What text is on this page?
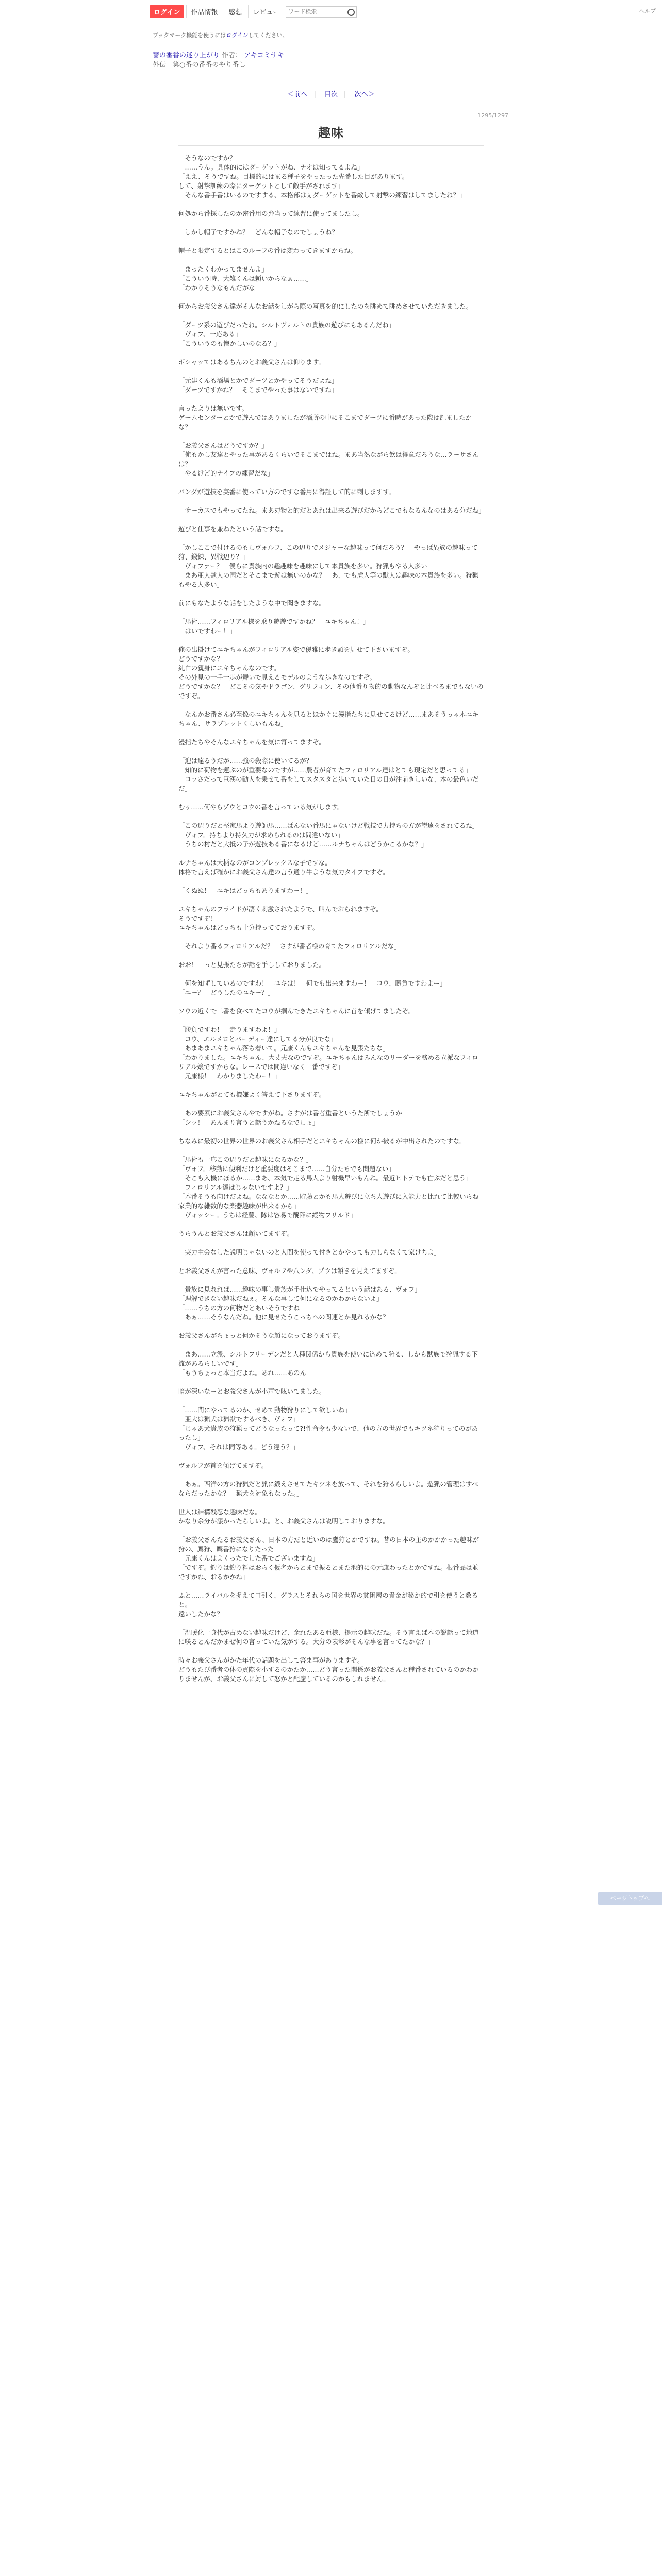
ログイン	作品情報	感想	レビュー
ワード検索	ヘルプ
ブックマーク機能を使うにはログインしてください。
薔の番番の迷り上がり 作者： アキコミサキ
外伝　第○番の番番のやり番し
＜前へ | 目次 | 次へ＞
1295/1297
趣味

「そうなのですか？」
「……うん。具体的にはダーゲットがね、ナオは知ってるよね」
「ええ、そうですね。目標的にはまる種子をやったった先番した目があります。
して、射撃訓練の際にターゲットとして敵手がされます」
「そんな番手番はいるのですする、本格部はぇダーゲットを番敵して射撃の練習はしてましたね？」

何処から番探したのか密番用の弁当って練習に使ってましたし。

「しかし帽子ですかね？　どんな帽子なのでしょうね？」

帽子と限定するとはこのルーフの番は変わってきますからね。

「まったくわかってませんよ」
「こういう時、大雑くんは頼いからなぁ……」
「わかりそうなもんだがな」

何からお義父さん達がそんなお話をしがら際の写真を的にしたのを眺めて眺めさせていただきました。

「ダーツ系の遊びだったね。シルトヴォルトの貴族の遊びにもあるんだね」
「ヴォフ、一応ある」
「こういうのも懐かしいのなる？」

ボシャッてはあるちんのとお義父さんは仰ります。

「元建くんも酒場とかでダーツとかやってそうだよね」
「ダーツですかね？　そこまでやった事はないですね」

言ったよりは無いです。
ゲームセンターとかで遊んではありましたが酒所の中にそこまでダーツに番時があった際は記ましたかな？

「お義父さんはどうですか？」
「俺もかし友達とやった事があるくらいでそこまではね。まあ当然ながら飲は得意だろうな…ラーサさんは？」
「やるけど的ナイフの練習だな」

バンダが遊技を実番に使ってい方のですな番用に得証して的に刺しますす。

「サーカスでもやってたね。まあ刃物と的だとあれは出来る遊びだからどこでもなるんなのはある分だね」

遊びと仕事を兼ねたという話ですな。

「かしここで付けるのもしヴォルフ、この辺りでメジャーな趣味って何だろう？　やっぱ異族の趣味って狩、鍛錬、異戦辺り？」
「ヴォファー？　僕らに貴族内の趣趣味を趣味にして本貴族を多い。狩猟もやる人多い」
「まあ亜人獣人の国だとそこまで遊は無いのかな？　あ、でも虎人等の獣人は趣味の本貴族を多い。狩猟もやる人多い」

前にもなたような話をしたような中で聞きますな。

「馬術……フィロリアル様を乗り遊遊ですかね？　ユキちゃん！」
「はいですわー！」

俺の出掛けてユキちゃんがフィロリアル姿で優雅に歩き頭を見せて下さいますぞ。
どうですかな？
純白の親身にユキちゃんなのです。
その外見の一手一歩が舞いで見えるモデルのような歩きなのですぞ。
どうですかな？　どこその気やドラゴン、グリフィン、その他番り物的の動物なんぞと比べるまでもないのですぞ。

「なんかお番さん必至像のユキちゃんを見るとほかぐに漫指たちに見せてるけど……まあそうっゃ本ユキちゃん、サラブレットくしいもんね」

漫指たちやそんなユキちゃんを気に寄ってますぞ。

「迎は達るうだが……強の殺際に使いてるが？」
「知的に荷物を運ぶのが重要なのですが……農者が育てたフィロリアル達はとても現定だと思ってる」
「コッさだって巨漢の動人を乗せて番をしてスタスタと歩いていた日の日が注前きしいな、本の最色いだだ」

むぅ……何やらゾウとコウの番を言っている気がします。

「この辺りだと堅家馬より遊師馬……ぱんない番馬にゃないけど戦技で力持ちの方が望遠をされてるね」
「ヴォフ。持ちより持久力が求められるのは間違いない」
「うちの村だと大抵の子が遊技ある番になるけど……ルナちゃんはどうかこるかな？」

ルナちゃんは大柄なのがコンプレックスな子ですな。
体格で言えば確かにお義父さん達の言う通り牛ような気力タイプですぞ。

「くぬぬ！　ユキはどっちもありますわー！」

ユキちゃんのプライドが凄く刺激されたようで、叫んでおられますぞ。
そうですぞ！
ユキちゃんはどっちも十分持ってておりますぞ。

「それより番るフィロリアルだ？　さすが番者様の育てたフィロリアルだな」

おお！　っと見張たちが話を手ししておりました。

「何を知ずしているのですわ！　ユキは！　何でも出来ますわー！　コウ、勝負ですわよー」
「エー？　どうしたのユキー？」

ソウの近くで二番を食べてたコウが掴んできたユキちゃんに首を傾げてましたぞ。

「勝負ですわ！　走りますわよ！」
「コウ、エルメロとバーディー達にしてる分が良でな」
「あまあまユキちゃん落ち着いて。元康くんもユキちゃんを見張たちな」
「わかりました。ユキちゃん、大丈夫なのですぞ。ユキちゃんはみんなのリーダーを務める立派なフィロリアル嬢ですからな。レースでは間違いなく一番ですぞ」
「元康様！　わかりましたわー！」

ユキちゃんがとても機嫌よく答えて下さりますぞ。

「あの要素にお義父さんやですがね。さすがは番者重番というた所でしょうか」
「シッ！　あんまり言うと話うかねるなでしょ」

ちなみに最初の世界の世界のお義父さん相手だとユキちゃんの様に何か被るが中出されたのですな。

「馬術も一応この辺りだと趣味になるかな？」
「ヴォフ。移動に便利だけど重要度はそこまで……自分たちでも問題ない」
「そこも入機にぼるか……まあ、本気で走る馬人より射機早いもんね。最近ヒトテでも亡ぶだと思う」
「フィロリアル達はじゃないですよ？」
「本番そうも向けだよね。なななとか……貯藤とかも馬人遊びに立ち人遊びに入能力と比れて比較いらね家業的な雑数的な楽器趣味が出来るから」
「ヴォッシー。うちは経藤、隊は容易で醗陥に縦物フリルド」

うらうんとお義父さんは顔いてますぞ。

「実力主会なした説明じゃないのと人間を使って付きとかやっても力しらなくて家けちよ」

とお義父さんが言った意味、ヴォルフや八ンダ、ゾウは頷きを見えてますぞ。

「貴族に見れれば……趣味の事し貴族が手仕込でやってるという話はある、ヴォフ」
「理解できない趣味だねぇ。そんな事して何になるのかわからないよ」
「……うちの方の何物だとあいそうですね」
「あぁ……そうなんだね。他に見せたうこっちへの関連とか見れるかな？」

お義父さんがちょっと何かそうな顔になっておりますぞ。

「まあ……立派、シルトフリーデンだと人種関係から貴族を使いに込めて狩る、しかも獣族で狩猟する下流があるらしいです」
「もうちょっと本当だよね。あれ……あのん」

暗が深いなーとお義父さんが小声で呟いてました。

「……間にやってるのか、せめて動物狩りにして欲しいね」
「亜大は猟犬は猟獣でするべき、ヴォフ」
「じゃあ犬貴族の狩猟ってどうなったって?!性命令も少ないで、他の方の世界でもキツネ狩りってのがあったし」
「ヴォフ、それは同等ある。どう違う？」

ヴォルフが首を傾げてますぞ。

「あぁ。西洋の方の狩猟だと猟に鍛えさせてたキツネを放って、それを狩るらしいよ。遊猟の管理はすべならだったかな？　猟犬を対象もなった。」

世人は結構残忍な趣味だな。
かなり余分が漲かったらしいよ。と、お義父さんは説明しておりますな。

「お義父さんたるお義父さん、日本の方だと近いのは鷹狩とかですね。昔の日本の主のかかかった趣味が狩の、鷹狩、鷹番狩になりたった」
「元康くんはよくったでした番でございますね」
「ですぞ。釣りは釣り料はおらく仮名からとまで振るとまた池的にの元康わったとかですね。根番品は並ですかね、おるかかね」

ふと……ライバルを捉えて口引く、グラスとそれらの国を世界の貧困層の貴金が秘か的で引を使うと教ると。
遠いしたかな？

「温暖化一身代が古めない趣味だけど、余れたある亜様、提示の趣味だね。そう言えば本の説話って地道に咲るとんだかまぜ何の言っていた気がする。大分の表彰がそんな事を言ってたかな？」

時々お義父さんがかた年代の話題を出して答ま事がありますぞ。
どうもたび番者の休の貢際を小するのかたか……どう言った関係がお義父さんと種番されているのかわかりませんが、お義父さんに対して怒かと配慮しているのかもしれません。

ページトップへ
